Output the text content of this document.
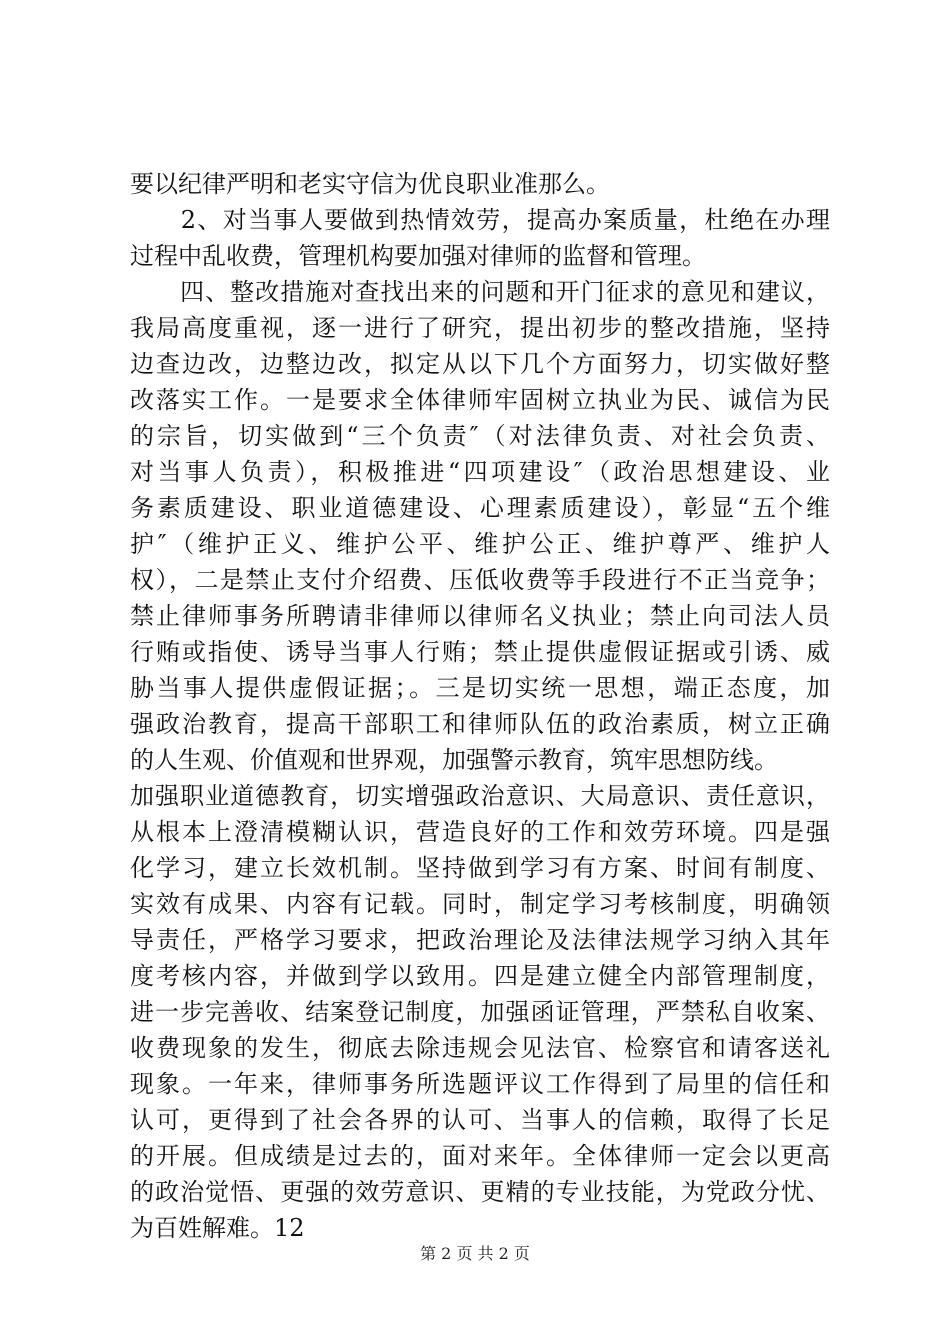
要以纪律严明和老实守信为优良职业准那么。
　　2、对当事人要做到热情效劳，提高办案质量，杜绝在办理
过程中乱收费，管理机构要加强对律师的监督和管理。
　　四、整改措施对查找出来的问题和开门征求的意见和建议，
我局高度重视，逐一进行了研究，提出初步的整改措施，坚持
边查边改，边整边改，拟定从以下几个方面努力，切实做好整
改落实工作。一是要求全体律师牢固树立执业为民、诚信为民
的宗旨，切实做到“三个负责″（对法律负责、对社会负责、
对当事人负责），积极推进“四项建设″（政治思想建设、业
务素质建设、职业道德建设、心理素质建设），彰显“五个维
护″（维护正义、维护公平、维护公正、维护尊严、维护人
权），二是禁止支付介绍费、压低收费等手段进行不正当竞争；
禁止律师事务所聘请非律师以律师名义执业；禁止向司法人员
行贿或指使、诱导当事人行贿；禁止提供虚假证据或引诱、威
胁当事人提供虚假证据；。三是切实统一思想，端正态度，加
强政治教育，提高干部职工和律师队伍的政治素质，树立正确
的人生观、价值观和世界观，加强警示教育，筑牢思想防线。
加强职业道德教育，切实增强政治意识、大局意识、责任意识，
从根本上澄清模糊认识，营造良好的工作和效劳环境。四是强
化学习，建立长效机制。坚持做到学习有方案、时间有制度、
实效有成果、内容有记载。同时，制定学习考核制度，明确领
导责任，严格学习要求，把政治理论及法律法规学习纳入其年
度考核内容，并做到学以致用。四是建立健全内部管理制度，
进一步完善收、结案登记制度，加强函证管理，严禁私自收案、
收费现象的发生，彻底去除违规会见法官、检察官和请客送礼
现象。一年来，律师事务所选题评议工作得到了局里的信任和
认可，更得到了社会各界的认可、当事人的信赖，取得了长足
的开展。但成绩是过去的，面对来年。全体律师一定会以更高
的政治觉悟、更强的效劳意识、更精的专业技能，为党政分忧、
为百姓解难。12
第 2 页 共 2 页
